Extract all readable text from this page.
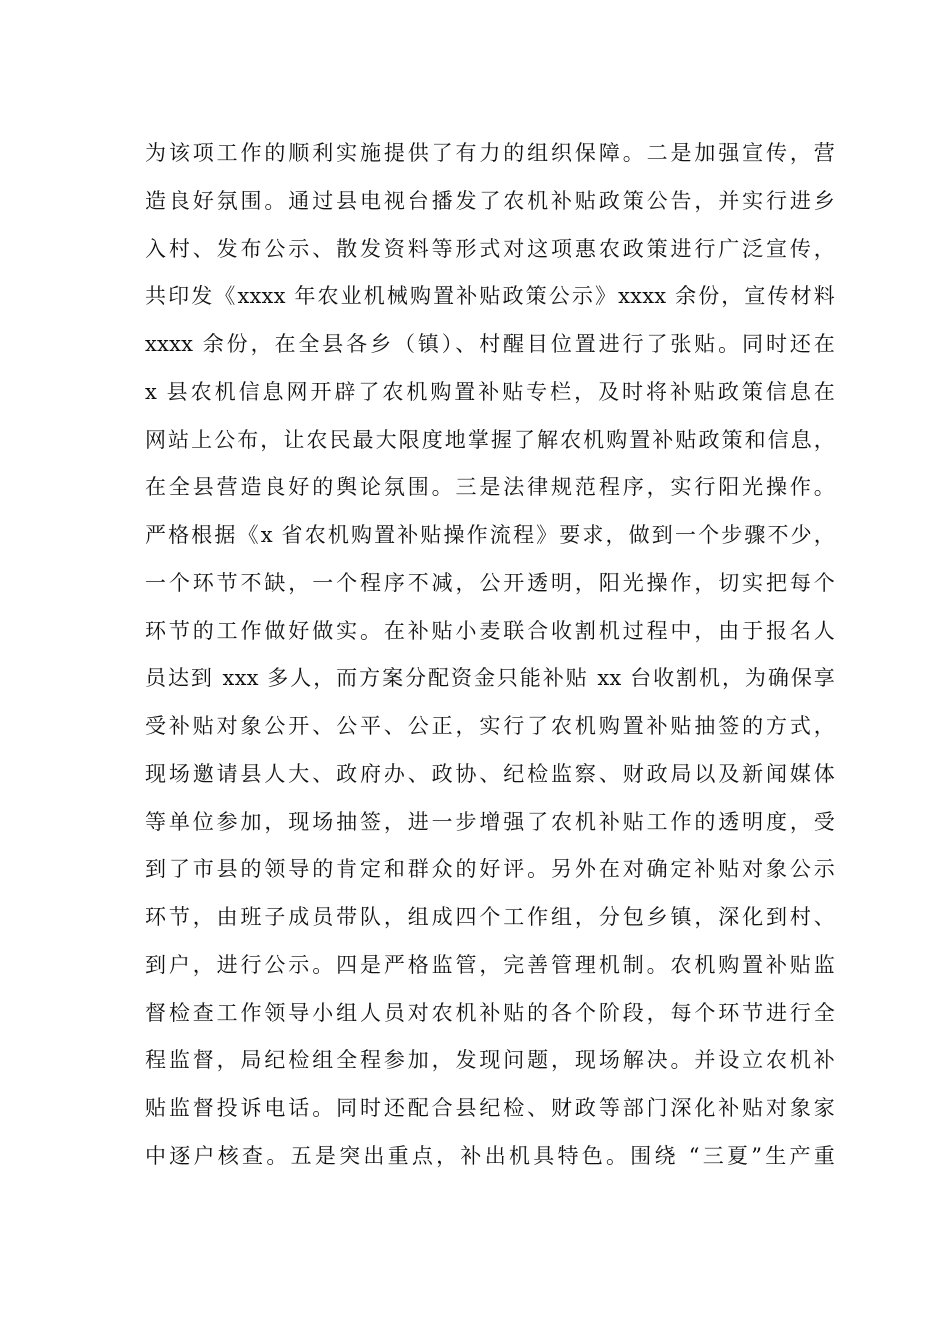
为该项工作的顺利实施提供了有力的组织保障。二是加强宣传，营
造良好氛围。通过县电视台播发了农机补贴政策公告，并实行进乡
入村、发布公示、散发资料等形式对这项惠农政策进行广泛宣传，
共印发《xxxx 年农业机械购置补贴政策公示》xxxx 余份，宣传材料
xxxx 余份，在全县各乡（镇）、村醒目位置进行了张贴。同时还在
x 县农机信息网开辟了农机购置补贴专栏，及时将补贴政策信息在
网站上公布，让农民最大限度地掌握了解农机购置补贴政策和信息，
在全县营造良好的舆论氛围。三是法律规范程序，实行阳光操作。
严格根据《x 省农机购置补贴操作流程》要求，做到一个步骤不少，
一个环节不缺，一个程序不减，公开透明，阳光操作，切实把每个
环节的工作做好做实。在补贴小麦联合收割机过程中，由于报名人
员达到 xxx 多人，而方案分配资金只能补贴 xx 台收割机，为确保享
受补贴对象公开、公平、公正，实行了农机购置补贴抽签的方式，
现场邀请县人大、政府办、政协、纪检监察、财政局以及新闻媒体
等单位参加，现场抽签，进一步增强了农机补贴工作的透明度，受
到了市县的领导的肯定和群众的好评。另外在对确定补贴对象公示
环节，由班子成员带队，组成四个工作组，分包乡镇，深化到村、
到户，进行公示。四是严格监管，完善管理机制。农机购置补贴监
督检查工作领导小组人员对农机补贴的各个阶段，每个环节进行全
程监督，局纪检组全程参加，发现问题，现场解决。并设立农机补
贴监督投诉电话。同时还配合县纪检、财政等部门深化补贴对象家
中逐户核查。五是突出重点，补出机具特色。围绕 “三夏”生产重
